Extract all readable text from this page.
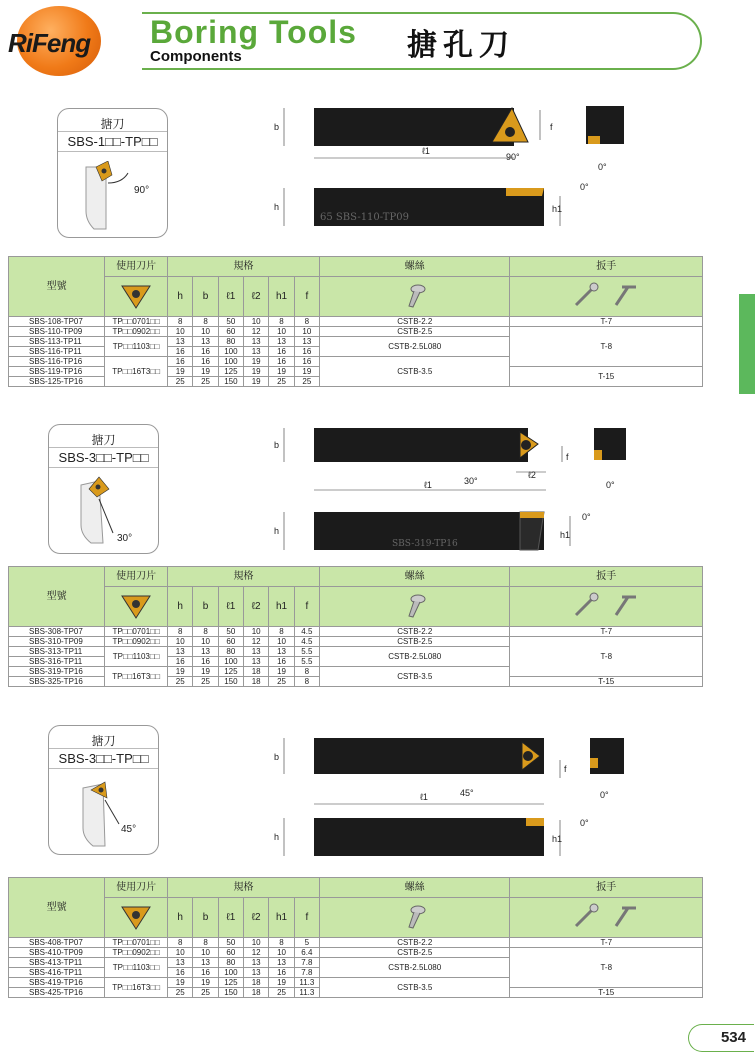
RiFeng	Boring Tools 搪孔刀
Components
搪刀
SBS-1□□-TP□□
90°
b
ℓ1
f
h	h1
90°
0°
0°
65 SBS-110-TP09
搪刀
SBS-3□□-TP□□
30°
b
ℓ1
ℓ2
f
h	h1
30°	0°
0°
SBS-319-TP16
搪刀
SBS-3□□-TP□□
45°
b
ℓ1
f
h	h1
45°	0°
0°
型號	使用刀片	規格						螺絲	扳手
	h	b	ℓ1	ℓ2	h1	f		
SBS-108-TP07	TP□□0701□□	8	8	50	10	8	8	CSTB-2.2	T-7
SBS-110-TP09	TP□□0902□□	10	10	60	12	10	10	CSTB-2.5	T-8
SBS-113-TP11	TP□□1103□□	13	13	80	13	13	13	CSTB-2.5L080	
SBS-116-TP11		16	16	100	13	16	16		
SBS-116-TP16	TP□□16T3□□	16	16	100	19	16	16	CSTB-3.5	
SBS-119-TP16		19	19	125	19	19	19		T-15
SBS-125-TP16		25	25	150	19	25	25		
型號	使用刀片	規格						螺絲	扳手
	h	b	ℓ1	ℓ2	h1	f		
SBS-308-TP07	TP□□0701□□	8	8	50	10	8	4.5	CSTB-2.2	T-7
SBS-310-TP09	TP□□0902□□	10	10	60	12	10	4.5	CSTB-2.5	T-8
SBS-313-TP11	TP□□1103□□	13	13	80	13	13	5.5	CSTB-2.5L080	
SBS-316-TP11		16	16	100	13	16	5.5		
SBS-319-TP16	TP□□16T3□□	19	19	125	18	19	8	CSTB-3.5	
SBS-325-TP16		25	25	150	18	25	8		T-15
型號	使用刀片	規格						螺絲	扳手
	h	b	ℓ1	ℓ2	h1	f		
SBS-408-TP07	TP□□0701□□	8	8	50	10	8	5	CSTB-2.2	T-7
SBS-410-TP09	TP□□0902□□	10	10	60	12	10	6.4	CSTB-2.5	T-8
SBS-413-TP11	TP□□1103□□	13	13	80	13	13	7.8	CSTB-2.5L080	
SBS-416-TP11		16	16	100	13	16	7.8		
SBS-419-TP16	TP□□16T3□□	19	19	125	18	19	11.3	CSTB-3.5	
SBS-425-TP16		25	25	150	18	25	11.3		T-15
534
